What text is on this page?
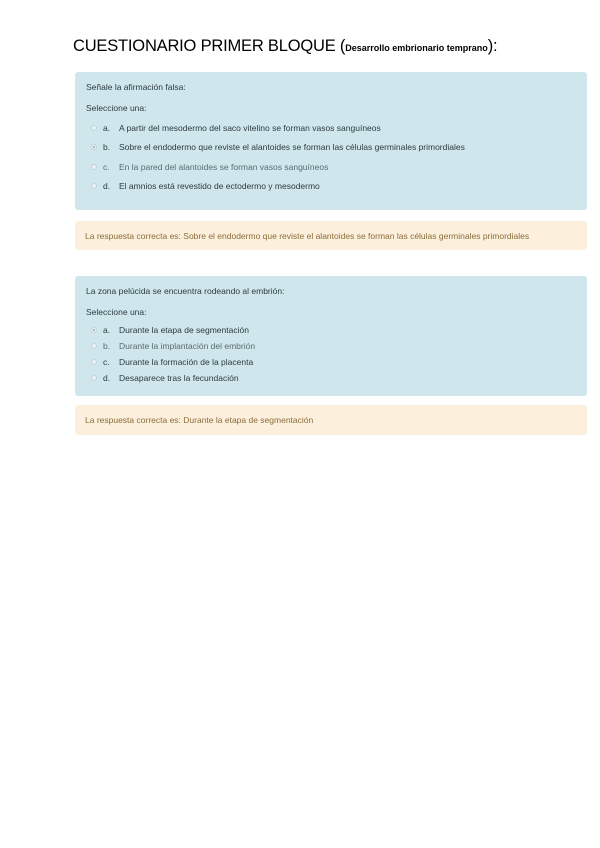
CUESTIONARIO PRIMER BLOQUE (Desarrollo embrionario temprano):
Señale la afirmación falsa:
Seleccione una:
a.	A partir del mesodermo del saco vitelino se forman vasos sanguíneos
b.	Sobre el endodermo que reviste el alantoides se forman las células germinales primordiales
c.	En la pared del alantoides se forman vasos sanguíneos
d.	El amnios está revestido de ectodermo y mesodermo
La respuesta correcta es: Sobre el endodermo que reviste el alantoides se forman las células germinales primordiales
La zona pelúcida se encuentra rodeando al embrión:
Seleccione una:
a.	Durante la etapa de segmentación
b.	Durante la implantación del embrión
c.	Durante la formación de la placenta
d.	Desaparece tras la fecundación
La respuesta correcta es: Durante la etapa de segmentación
